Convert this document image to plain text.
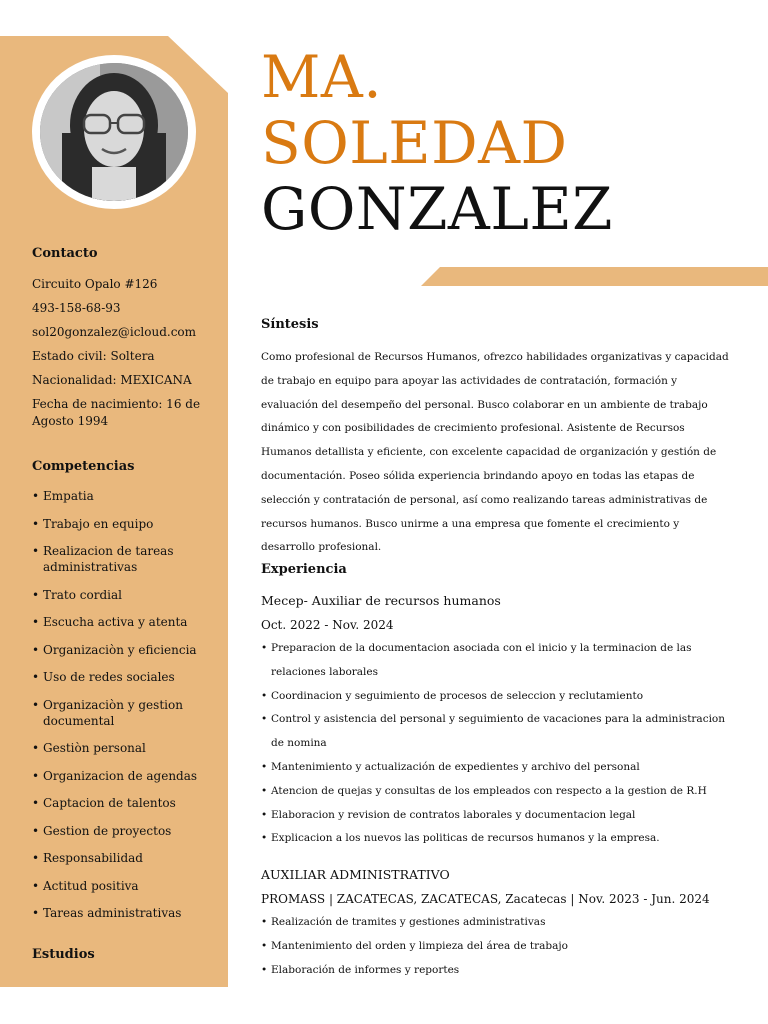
Contacto
Circuito Opalo #126
493-158-68-93
sol20gonzalez@icloud.com
Estado civil: Soltera
Nacionalidad: MEXICANA
Fecha de nacimiento: 16 de Agosto 1994
Competencias
• Empatia
• Trabajo en equipo
• Realizacion de tareas administrativas
• Trato cordial
• Escucha activa y atenta
• Organizaciòn y eficiencia
• Uso de redes sociales
• Organizaciòn y gestion documental
• Gestiòn personal
• Organizacion de agendas
• Captacion de talentos
• Gestion de proyectos
• Responsabilidad
• Actitud positiva
• Tareas administrativas
Estudios
MA.
SOLEDAD
GONZALEZ
Síntesis

Como profesional de Recursos Humanos, ofrezco habilidades organizativas y capacidad de trabajo en equipo para apoyar las actividades de contratación, formación y evaluación del desempeño del personal. Busco colaborar en un ambiente de trabajo dinámico y con posibilidades de crecimiento profesional. Asistente de Recursos Humanos detallista y eficiente, con excelente capacidad de organización y gestión de documentación. Poseo sólida experiencia brindando apoyo en todas las etapas de selección y contratación de personal, así como realizando tareas administrativas de recursos humanos. Busco unirme a una empresa que fomente el crecimiento y desarrollo profesional.

Experiencia
Mecep- Auxiliar de recursos humanos
Oct. 2022 - Nov. 2024
• Preparacion de la documentacion asociada con el inicio y la terminacion de las relaciones laborales
• Coordinacion y seguimiento de procesos de seleccion y reclutamiento
• Control y asistencia del personal y seguimiento de vacaciones para la administracion de nomina
• Mantenimiento y actualización de expedientes y archivo del personal
• Atencion de quejas y consultas de los empleados con respecto a la gestion de R.H
• Elaboracion y revision de contratos laborales y documentacion legal
• Explicacion a los nuevos las politicas de recursos humanos y la empresa.
AUXILIAR ADMINISTRATIVO
PROMASS | ZACATECAS, ZACATECAS, Zacatecas | Nov. 2023 - Jun. 2024
• Realización de tramites y gestiones administrativas
• Mantenimiento del orden y limpieza del área de trabajo
• Elaboración de informes y reportes
